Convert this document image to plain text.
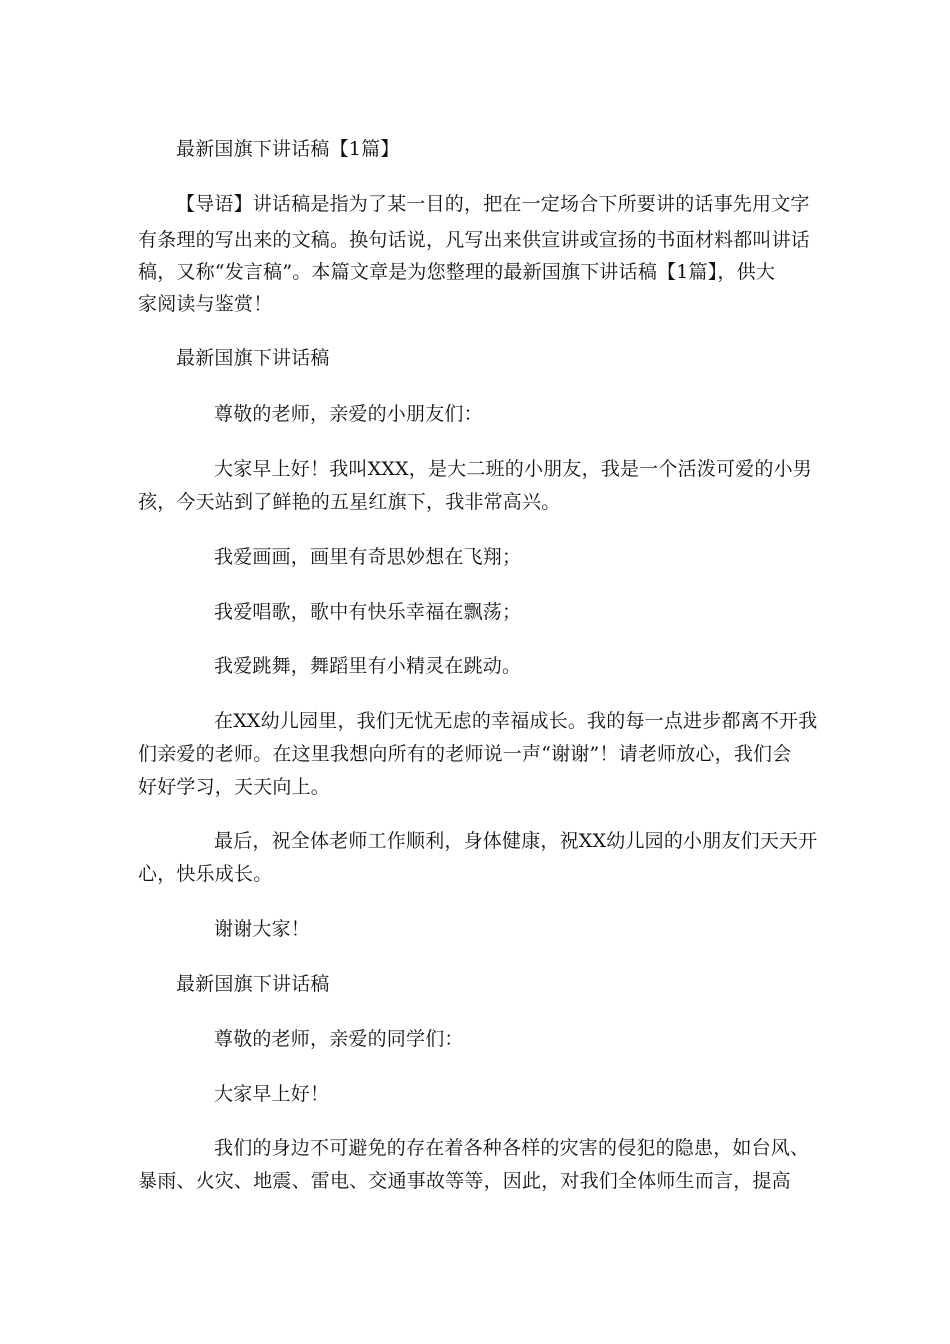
最新国旗下讲话稿【1篇】
【导语】讲话稿是指为了某一目的，把在一定场合下所要讲的话事先用文字
有条理的写出来的文稿。换句话说，凡写出来供宣讲或宣扬的书面材料都叫讲话
稿，又称“发言稿”。本篇文章是为您整理的最新国旗下讲话稿【1篇】，供大
家阅读与鉴赏！
最新国旗下讲话稿
尊敬的老师，亲爱的小朋友们：
大家早上好！我叫XXX，是大二班的小朋友，我是一个活泼可爱的小男
孩，今天站到了鲜艳的五星红旗下，我非常高兴。
我爱画画，画里有奇思妙想在飞翔；
我爱唱歌，歌中有快乐幸福在飘荡；
我爱跳舞，舞蹈里有小精灵在跳动。
在XX幼儿园里，我们无忧无虑的幸福成长。我的每一点进步都离不开我
们亲爱的老师。在这里我想向所有的老师说一声“谢谢”！请老师放心，我们会
好好学习，天天向上。
最后，祝全体老师工作顺利，身体健康，祝XX幼儿园的小朋友们天天开
心，快乐成长。
谢谢大家！
最新国旗下讲话稿
尊敬的老师，亲爱的同学们：
大家早上好！
我们的身边不可避免的存在着各种各样的灾害的侵犯的隐患，如台风、
暴雨、火灾、地震、雷电、交通事故等等，因此，对我们全体师生而言，提高
